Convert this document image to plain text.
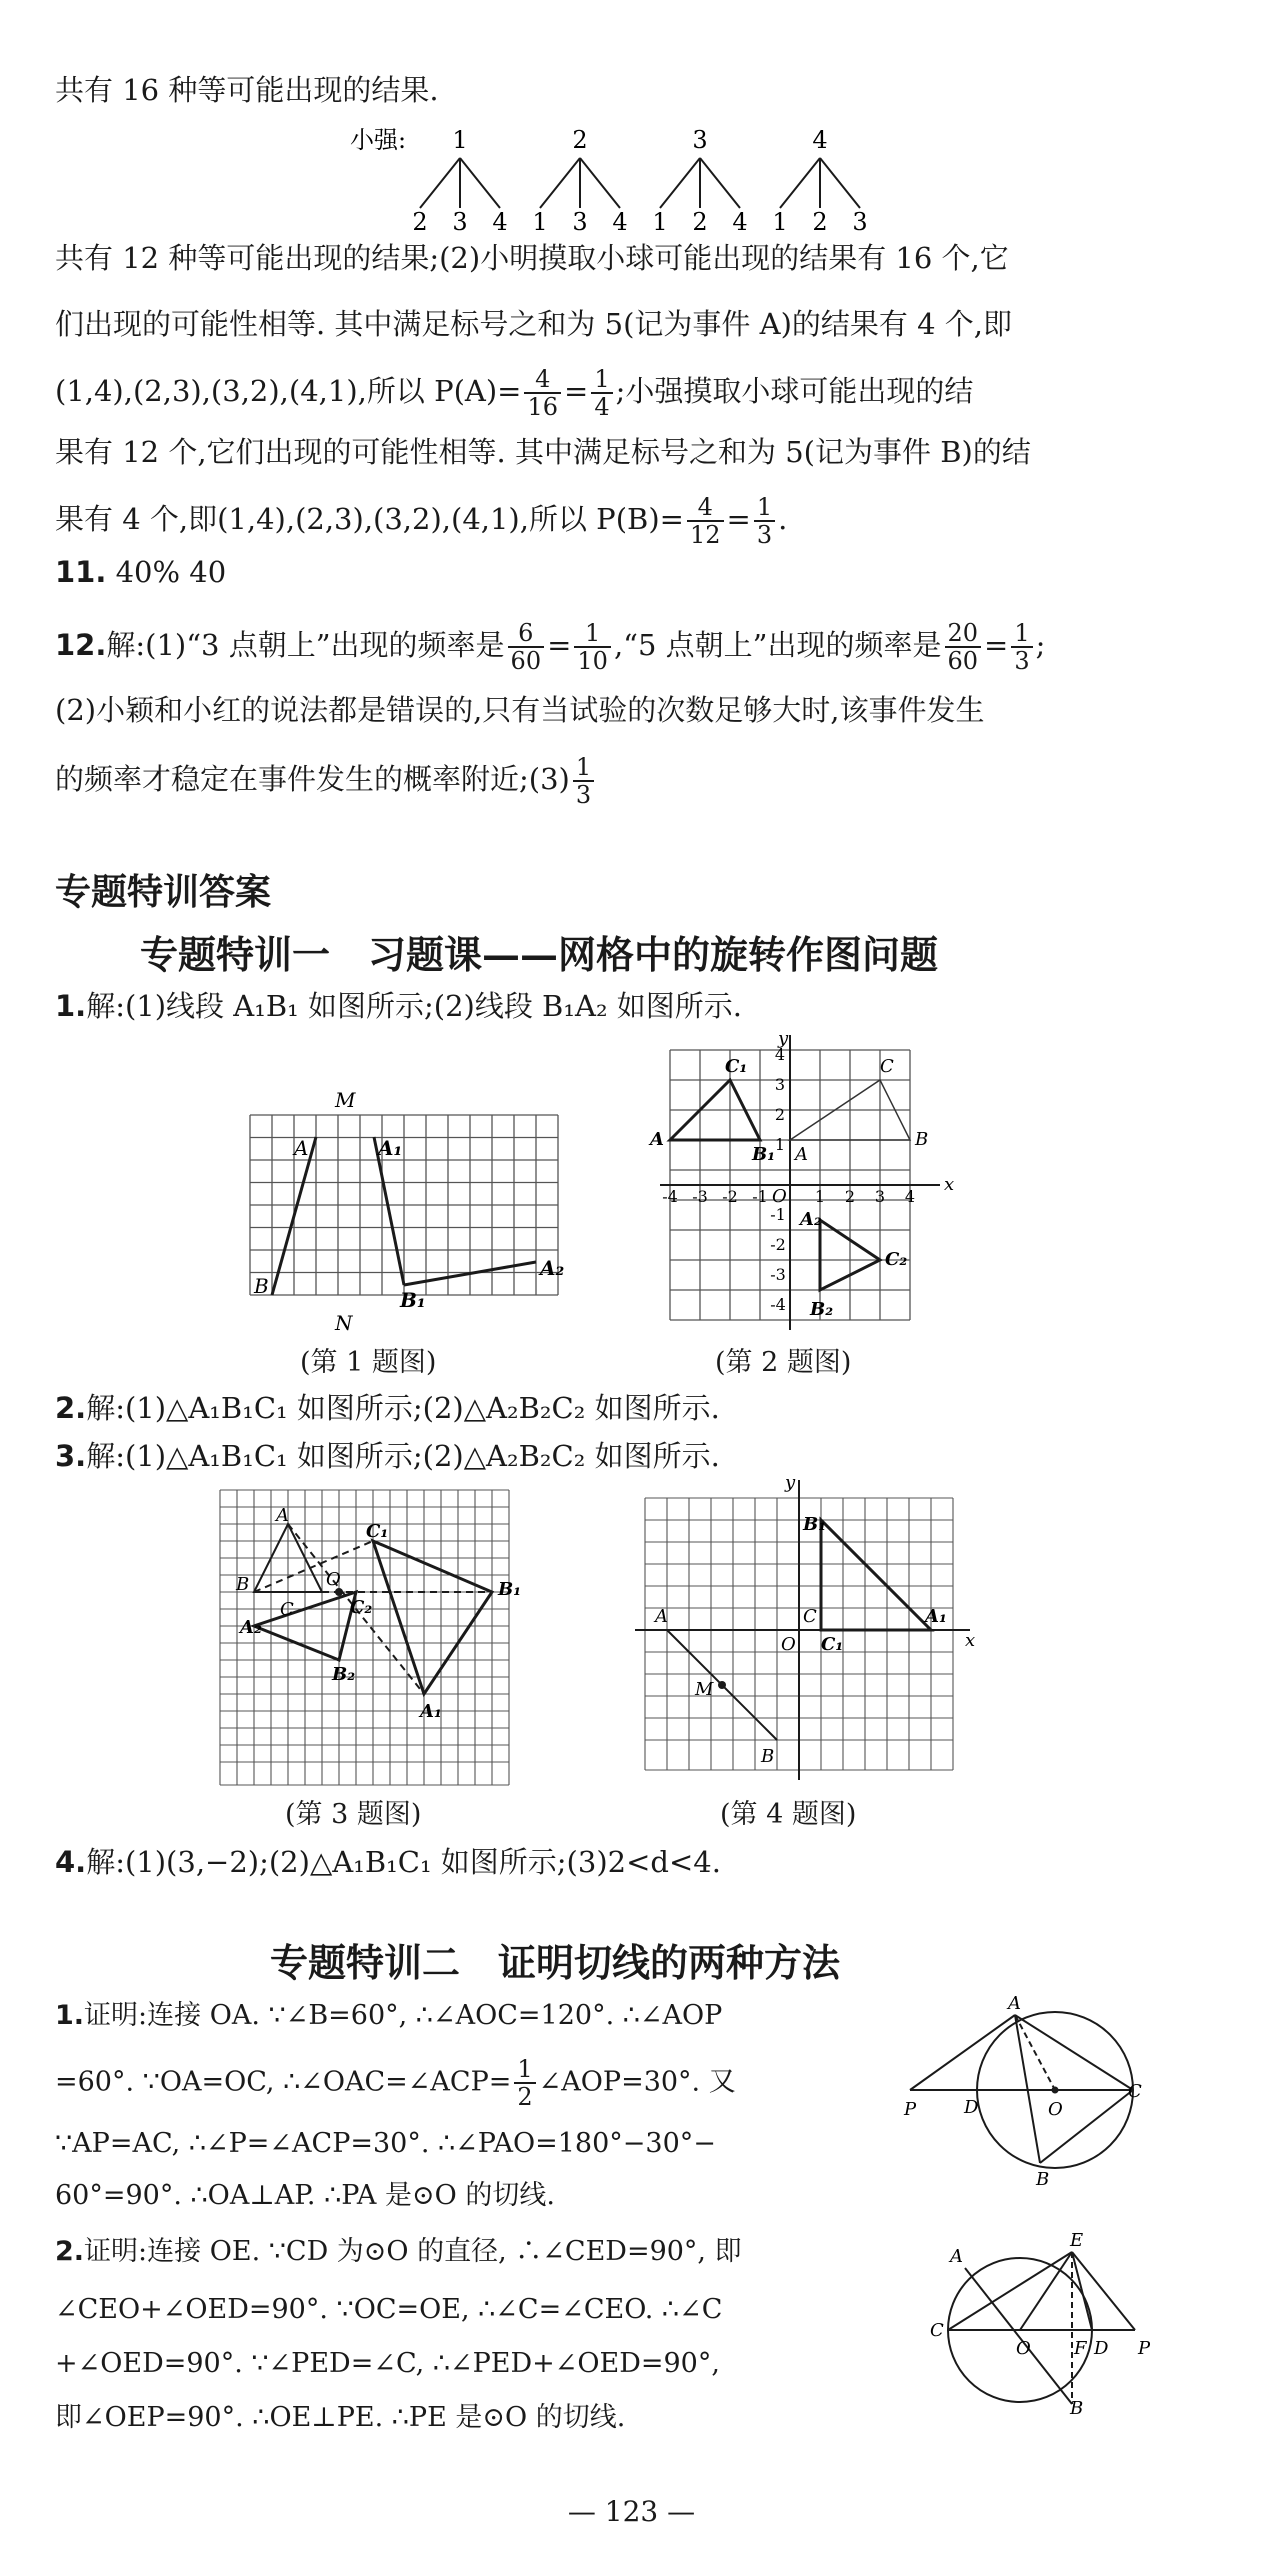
共有 16 种等可能出现的结果.
小强: 1	2	3	4
2 3 4 1 3 4 1 2 4 1 2 3
共有 12 种等可能出现的结果;(2)小明摸取小球可能出现的结果有 16 个,它
们出现的可能性相等. 其中满足标号之和为 5(记为事件 A)的结果有 4 个,即
(1,4),(2,3),(3,2),(4,1),所以 $P(A)= \frac{4}{16} = \frac{1}{4}$ ;小强摸取小球可能出现的结
果有 12 个,它们出现的可能性相等. 其中满足标号之和为 5(记为事件 B)的结
果有 4 个,即(1,4),(2,3),(3,2),(4,1),所以 $P(B)= \frac{4}{12} = \frac{1}{3}$ .
11. 40% 40
12.解:(1)“3 点朝上”出现的频率是 $\frac{6}{60} = \frac{1}{10}$ ,“5 点朝上”出现的频率是 $\frac{20}{60} = \frac{1}{3}$ ;
(2)小颖和小红的说法都是错误的,只有当试验的次数足够大时,该事件发生
的频率才稳定在事件发生的概率附近;(3) $\frac{1}{3}$
专题特训答案
专题特训一　习题课——网格中的旋转作图问题
1.解:(1)线段 A₁B₁ 如图所示;(2)线段 B₁A₂ 如图所示.
M
A	A₁
B
B₁
A₂
N
(第 1 题图)
y
C₁	C
A
B₁ A
B
A₂
C₂
B₂
x
O
-4 -3 -2 -1	1 2 3 4
4
3
2
1
-1
-2
-3
-4
(第 2 题图)
2.解:(1)△A₁B₁C₁ 如图所示;(2)△A₂B₂C₂ 如图所示.
3.解:(1)△A₁B₁C₁ 如图所示;(2)△A₂B₂C₂ 如图所示.
A
B
C
O
C₁
C₂
B₁
A₂
B₂
A₁
(第 3 题图)
y
B₁
A	C
O C₁
A₁
x
M
B
(第 4 题图)
4.解:(1)(3,−2);(2)△A₁B₁C₁ 如图所示;(3)2<d<4.
专题特训二　证明切线的两种方法
1.证明:连接 OA. ∵∠B=60°, ∴∠AOC=120°. ∴∠AOP
=60°. ∵OA=OC, ∴∠OAC=∠ACP= $\frac{1}{2}$ ∠AOP=30°. 又
∵AP=AC, ∴∠P=∠ACP=30°. ∴∠PAO=180°−30°−
60°=90°. ∴OA⊥AP. ∴PA 是⊙O 的切线.
A
P	D	O
C
B
2.证明:连接 OE. ∵CD 为⊙O 的直径, ∴∠CED=90°, 即
∠CEO+∠OED=90°. ∵OC=OE, ∴∠C=∠CEO. ∴∠C
+∠OED=90°. ∵∠PED=∠C, ∴∠PED+∠OED=90°,
即∠OEP=90°. ∴OE⊥PE. ∴PE 是⊙O 的切线.
A
E
C
O F D P
B
— 123 —
